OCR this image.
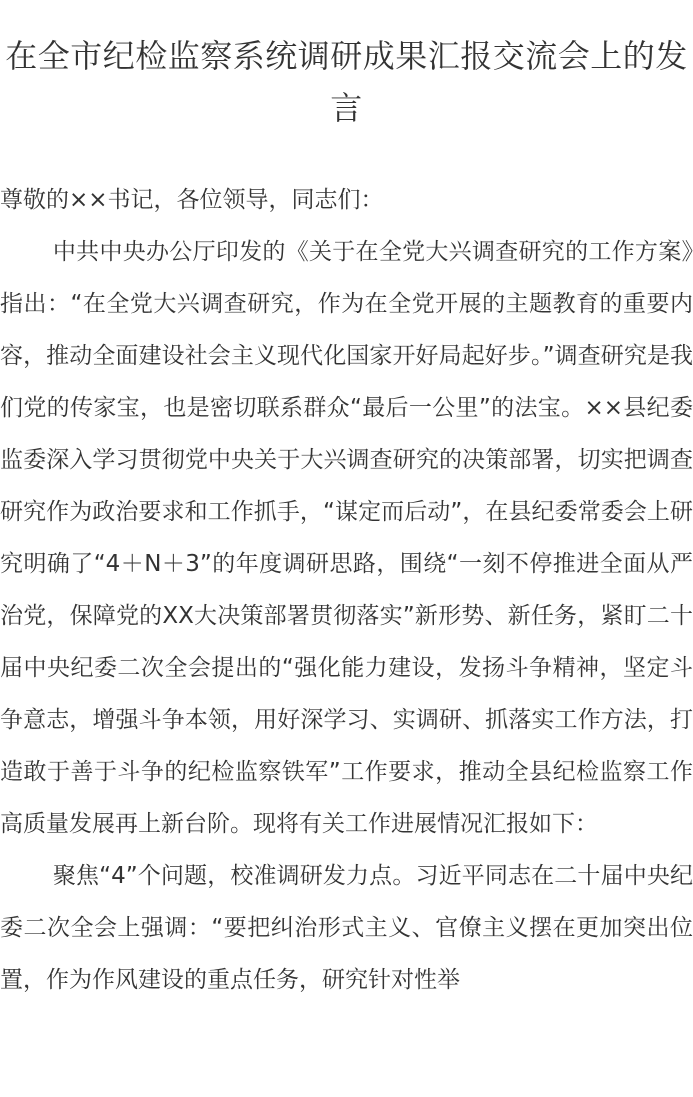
在全市纪检监察系统调研成果汇报交流会上的发言

尊敬的××书记，各位领导，同志们：

中共中央办公厅印发的《关于在全党大兴调查研究的工作方案》指出：“在全党大兴调查研究，作为在全党开展的主题教育的重要内容，推动全面建设社会主义现代化国家开好局起好步。”调查研究是我们党的传家宝，也是密切联系群众“最后一公里”的法宝。××县纪委监委深入学习贯彻党中央关于大兴调查研究的决策部署，切实把调查研究作为政治要求和工作抓手，“谋定而后动”，在县纪委常委会上研究明确了“4＋N＋3”的年度调研思路，围绕“一刻不停推进全面从严治党，保障党的XX大决策部署贯彻落实”新形势、新任务，紧盯二十届中央纪委二次全会提出的“强化能力建设，发扬斗争精神，坚定斗争意志，增强斗争本领，用好深学习、实调研、抓落实工作方法，打造敢于善于斗争的纪检监察铁军”工作要求，推动全县纪检监察工作高质量发展再上新台阶。现将有关工作进展情况汇报如下：

聚焦“4”个问题，校准调研发力点。习近平同志在二十届中央纪委二次全会上强调：“要把纠治形式主义、官僚主义摆在更加突出位置，作为作风建设的重点任务，研究针对性举
